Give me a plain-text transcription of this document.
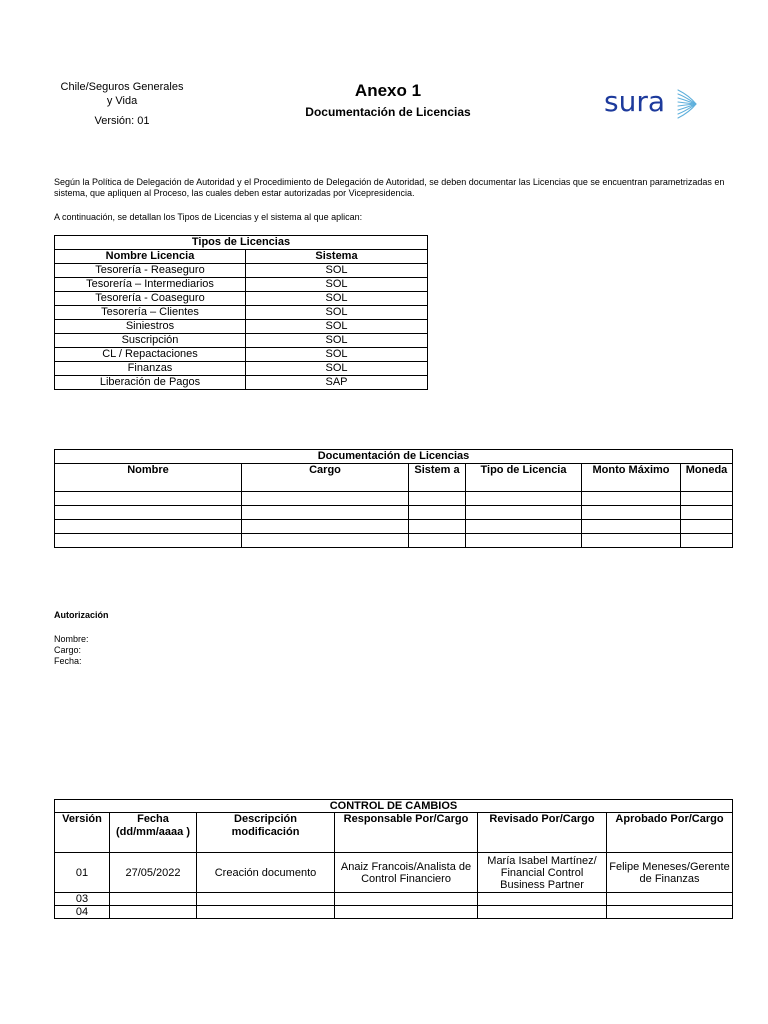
Chile/Seguros Generales
y Vida
Versión: 01
Anexo 1
Documentación de Licencias	sura
Según la Política de Delegación de Autoridad y el Procedimiento de Delegación de Autoridad, se deben documentar las Licencias que se encuentran parametrizadas en sistema, que apliquen al Proceso, las cuales deben estar autorizadas por Vicepresidencia.
A continuación, se detallan los Tipos de Licencias y el sistema al que aplican:
Tipos de Licencias	
Nombre Licencia	Sistema
Tesorería - Reaseguro	SOL
Tesorería – Intermediarios	SOL
Tesorería - Coaseguro	SOL
Tesorería – Clientes	SOL
Siniestros	SOL
Suscripción	SOL
CL / Repactaciones	SOL
Finanzas	SOL
Liberación de Pagos	SAP
Documentación de Licencias					
Nombre	Cargo	Sistem a	Tipo de Licencia	Monto Máximo	Moneda

Autorización
Nombre:
Cargo:
Fecha:
CONTROL DE CAMBIOS					
Versión	Fecha (dd/mm/aaaa )	Descripción modificación	Responsable Por/Cargo	Revisado Por/Cargo	Aprobado Por/Cargo
01	27/05/2022	Creación documento	Anaiz Francois/Analista de Control Financiero	María Isabel Martínez/ Financial Control Business Partner	Felipe Meneses/Gerente de Finanzas
03					
04					
